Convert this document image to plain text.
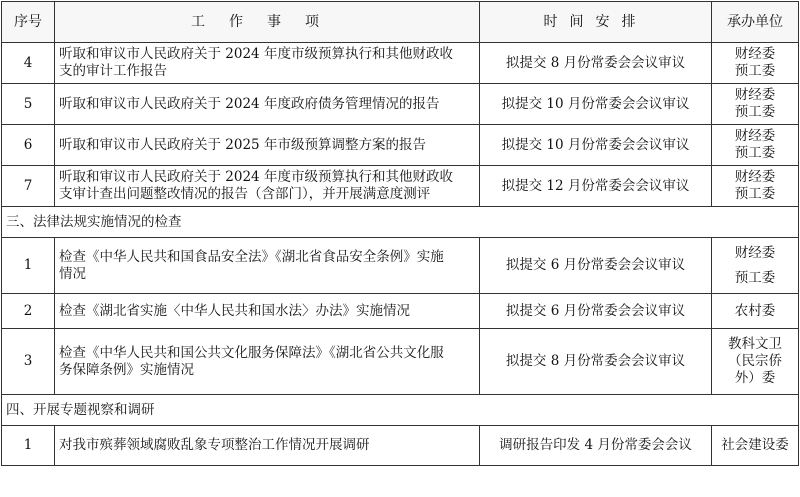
序号	工作事项	时间安排	承办单位
4	听取和审议市人民政府关于 2024 年度市级预算执行和其他财政收
支的审计工作报告	拟提交 8 月份常委会会议审议	财经委
预工委

5	听取和审议市人民政府关于 2024 年度政府债务管理情况的报告	拟提交 10 月份常委会会议审议	财经委
预工委

6	听取和审议市人民政府关于 2025 年市级预算调整方案的报告	拟提交 10 月份常委会会议审议	财经委
预工委

7	听取和审议市人民政府关于 2024 年度市级预算执行和其他财政收
支审计查出问题整改情况的报告（含部门），并开展满意度测评	拟提交 12 月份常委会会议审议	财经委
预工委

三、法律法规实施情况的检查			
1	检查《中华人民共和国食品安全法》《湖北省食品安全条例》实施
情况	拟提交 6 月份常委会会议审议	财经委
预工委

2	检查《湖北省实施〈中华人民共和国水法〉办法》实施情况	拟提交 6 月份常委会会议审议	农村委

3	检查《中华人民共和国公共文化服务保障法》《湖北省公共文化服
务保障条例》实施情况	拟提交 8 月份常委会会议审议	教科文卫
（民宗侨
外）委

四、开展专题视察和调研			
1	对我市殡葬领域腐败乱象专项整治工作情况开展调研	调研报告印发 4 月份常委会会议	社会建设委
